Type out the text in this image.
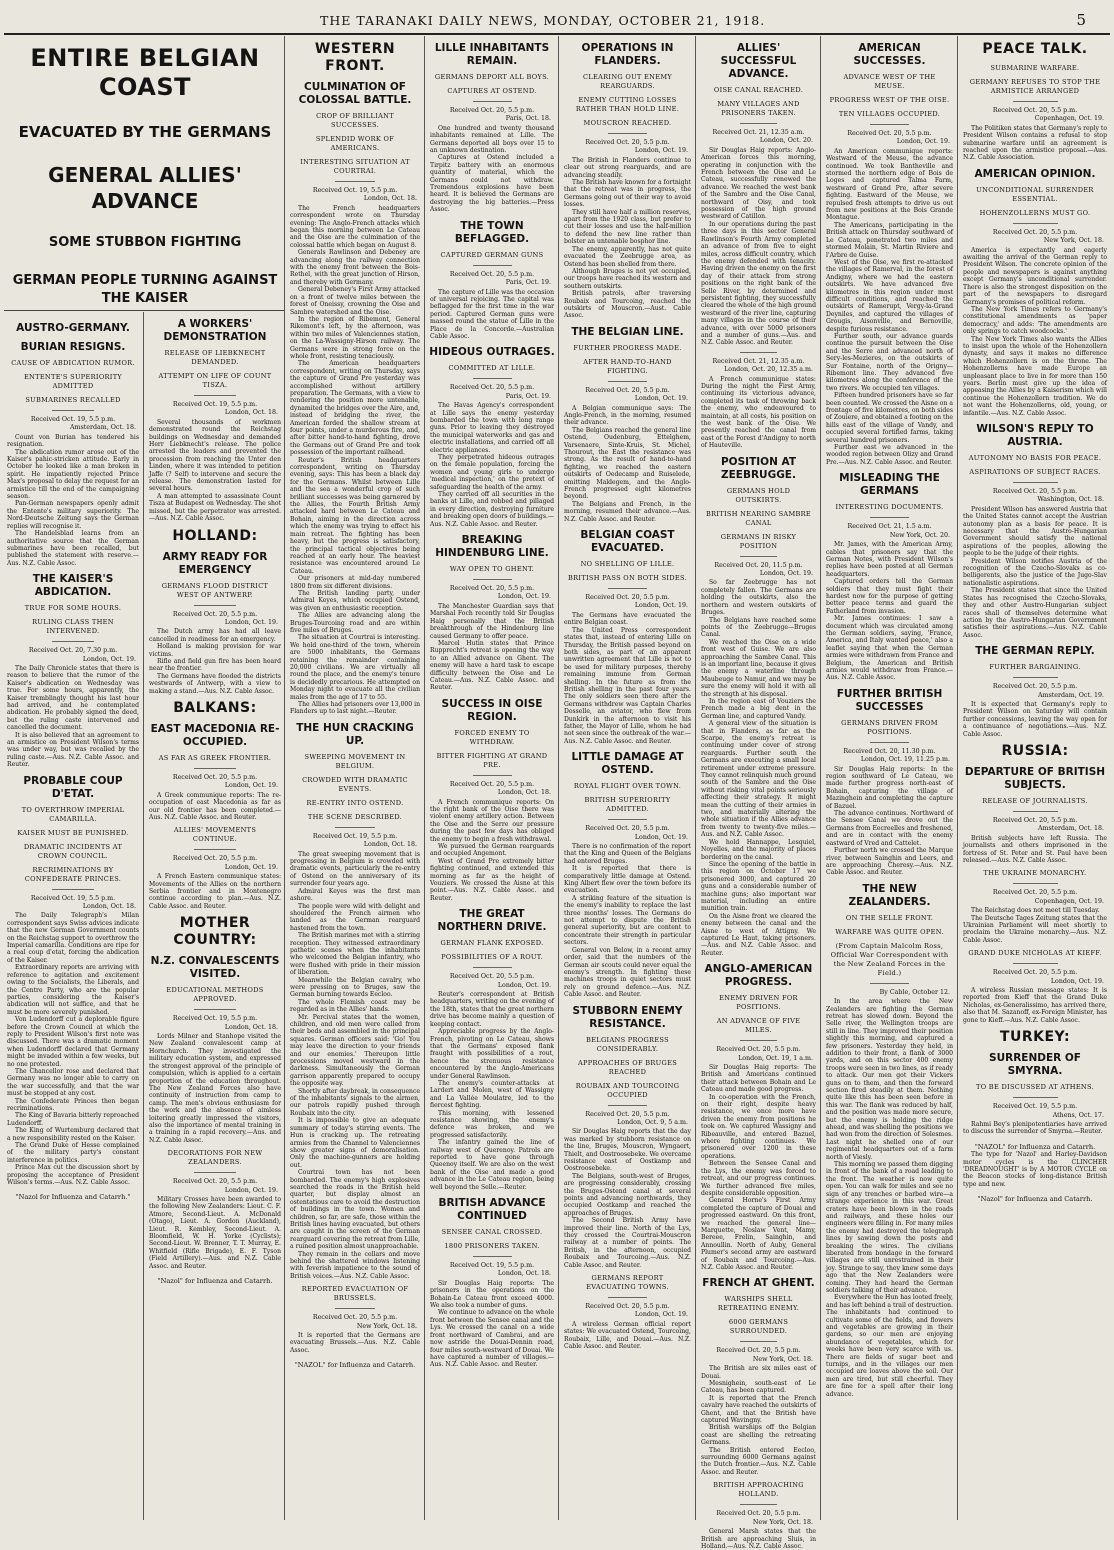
THE TARANAKI DAILY NEWS, MONDAY, OCTOBER 21, 1918.	5
ENTIRE BELGIAN COAST
EVACUATED BY THE GERMANS
GENERAL ALLIES' ADVANCE
SOME STUBBON FIGHTING
GERMAN PEOPLE TURNING AGAINST THE KAISER
AUSTRO-GERMANY.
BURIAN RESIGNS.
CAUSE OF ABDICATION RUMOR.
ENTENTE'S SUPERIORITY ADMITTED
SUBMARINES RECALLED
Received Oct. 19, 5.5 p.m.
Amsterdam, Oct. 18.

Count von Burian has tendered his resignation.

The abdication rumor arose out of the Kaiser's pahic-stricken attitude. Early in October he looked like a man broken in spirit. He impatiently rejected Prince Max's proposal to delay the request for an armistice till the end of the campaigning season.

Pan-German newspapers openly admit the Entente's military superiority. The Nord-Deutsche Zeitung says the German replies will recognise it.

The Handelsblad learns from an authoritative source that the German submarines have been recalled, but published the statement with reserve.—Aus. N.Z. Cable Assoc.

THE KAISER'S ABDICATION.
TRUE FOR SOME HOURS.
RULING CLASS THEN INTERVENED.
Received Oct. 20, 7.30 p.m.
London, Oct. 19.

The Daily Chronicle states that there is reason to believe that the rumor of the Kaiser's abdication on Wednesday was true. For some hours, apparently, the Kaiser tremblingly thought his last hour had arrived, and he contemplated abdication. He probably signed the deed, but the ruling caste intervened and cancelled the document.

It is also believed that an agreement to an armistice on President Wilson's terms was under way, but was recalled by the ruling caste.—Aus. N.Z. Cable Assoc. and Reuter.

PROBABLE COUP D'ETAT.
TO OVERTHROW IMPERIAL CAMARILLA.
KAISER MUST BE PUNISHED.
DRAMATIC INCIDENTS AT CROWN COUNCIL.
RECRIMINATIONS BY CONFEDERATE PRINCES.
Received Oct. 19, 5.5 p.m.
London, Oct. 18.

The Daily Telegraph's Milan correspondent says Swiss advices indicate that the new German Government counts on the Reichstag support to overthrow the Imperial camarilla. Conditions are ripe for a real coup d'etat, forcing the abdication of the Kaiser.

Extraordinary reports are arriving with reference to agitation and excitement owing to the Socialists, the Liberals, and the Centre Party, who are the popular parties, considering the Kaiser's abdication will not suffice, and that he must be more severely punished.

Von Ludendorff cut a deplorable figure before the Crown Council at which the reply to President Wilson's first note was discussed. There was a dramatic moment when Ludendorff declared that Germany might be invaded within a few weeks, but no one protested.

The Chancellor rose and declared that Germany was no longer able to carry on the war successfully, and that the war must be stopped at any cost.

The Confederate Princes then began recriminations.

The King of Bavaria bitterly reproached Ludendorff.

The King of Wurtemburg declared that a new responsibility rested on the Kaiser.

The Grand Duke of Hesse complained of the military party's constant interference in politics.

Prince Max cut the discussion short by proposing the acceptance of President Wilson's terms.—Aus. N.Z. Cable Assoc.

"Nazol for Influenza and Catarrh."
A WORKERS' DEMONSTRATION
RELEASE OF LIEBKNECHT DEMANDED.
ATTEMPT ON LIFE OF COUNT TISZA.
Received Oct. 19, 5.5 p.m.
London, Oct. 18.

Several thousands of workmen demonstrated round the Reichstag buildings on Wednesday and demanded Herr Liebknecht's release. The police arrested the leaders and prevented the procession from reaching the Unter den Linden, where it was intended to petition Jaffe (? Self) to intervene and secure the release. The demonstration lasted for several hours.

A man attempted to assassinate Count Tisza at Budapest on Wednesday. The shot missed, but the perpetrator was arrested.—Aus. N.Z. Cable Assoc.

HOLLAND:
ARMY READY FOR EMERGENCY
GERMANS FLOOD DISTRICT WEST OF ANTWERP.
Received Oct. 20, 5.5 p.m.
London, Oct. 19.

The Dutch army has had all leave cancelled in readiness for an emergency.

Holland is making provision for war victims.

Rifle and field gun fire has been heard near the frontier.

The Germans have flooded the districts westwards of Antwerp, with a view to making a stand.—Aus. N.Z. Cable Assoc.

BALKANS:
EAST MACEDONIA RE-OCCUPIED.
AS FAR AS GREEK FRONTIER.
Received Oct. 20, 5.5 p.m.
London, Oct. 19.

A Greek communique reports: The re-occupation of east Macedonia as far as our old frontier has been completed.—Aus. N.Z. Cable Assoc. and Reuter.

ALLIES' MOVEMENTS CONTINUE.
Received Oct. 20, 5.5 p.m.
London, Oct. 19.

A French Eastern communique states: Movements of the Allies on the northern Serbia frontier and in Montenegro continue according to plan.—Aus. N.Z. Cable Assoc. and Reuter.

MOTHER COUNTRY:
N.Z. CONVALESCENTS VISITED.
EDUCATIONAL METHODS APPROVED.
Received Oct. 19, 5.5 p.m.
London, Oct. 18.

Lords Milner and Stanhope visited the New Zealand convalescent camp at Hornchurch. They investigated the military education system, and expressed the strongest approval of the principle of compulsion, which is applied to a certain proportion of the education throughout. The New Zealand Forces also have continuity of instruction from camp to camp. The men's obvious enthusiasm for the work and the absence of aimless loitering greatly impressed the visitors, also the importance of mental training in a training in a rapid recovery.—Aus. and N.Z. Cable Assoc.

DECORATIONS FOR NEW ZEALANDERS.
Received Oct. 20, 5.5 p.m.
London, Oct. 19.

Military Crosses have been awarded to the following New Zealanders: Lieut. C. F. Atmore, Second-Lieut. A. McDonald (Otago), Lieut. A. Gordon (Auckland), Lieut. R. Kembley, Second-Lieut. A. Bloomfield, W. H. Yorke (Cyclists); Second-Lieut. W. Brenner, T. T. Murray, E. Whitfield (Rifle Brigade), E. F. Tyson (Field Artillery).—Aus. and N.Z. Cable Assoc. and Reuter.

"Nazol" for Influenza and Catarrh.
WESTERN FRONT.
CULMINATION OF COLOSSAL BATTLE.
CROP OF BRILLIANT SUCCESSES.
SPLENDID WORK OF AMERICANS.
INTERESTING SITUATION AT COURTRAI.
Received Oct. 19, 5.5 p.m.
London, Oct. 18.

The French headquarters correspondent wrote on Thursday evening: The Anglo-French attacks which began this morning between Le Cateau and the Oise are the culmination of the colossal battle which began on August 8.

Generals Rawlinson and Debeney are advancing along the railway connection with the enemy front between the Bois-Rethel, with the great junction of Hirson, and thereby with Germany.

General Debeney's First Army attacked on a front of twelve miles between the forest of Oneissy, crowning the Oise and Sambre watershed and the Oise.

In the region of Ribemont, General Rikemont's left, by the afternoon, was within two miles of Valenciennes station, on the La-Wassigny-Hirson railway. The Germans were in strong force on the whole front, resisting tenaciously.

The American headquarters correspondent, writing on Thursday, says the capture of Grand Pre yesterday was accomplished without artillery preparation. The Germans, with a view to rendering the position more untenable, dynamited the bridges over the Aire, and, instead of bridging the river, the American forded the shallow stream at four points, under a murderous fire, and, after bitter hand-to-hand fighting, drove the Germans out of Grand Pre and took possession of the important railhead.

Reuter's British headquarters correspondent, writing on Thursday evening, says: This has been a black day for the Germans. Whilst between Lille and the sea a wonderful crop of such brilliant successes was being garnered by the Allies, the Fourth British Army attacked hard between Le Cateau and Bohain, aiming in the direction across which the enemy was trying to effect his main retreat. The fighting has been heavy, but the progress is satisfactory, the principal tactical objectives being reached at an early hour. The heaviest resistance was encountered around Le Cateau.

Our prisoners at mid-day numbered 1800 from six different divisions.

The British landing party, under Admiral Keyes, which occupied Ostend, was given an enthusiastic reception.

The Allies are advancing along the Bruges-Tourcoing road and are within five miles of Bruges.

The situation at Courtrai is interesting. We hold one-third of the town, wherein are 5000 inhabitants, the Germans retaining the remainder containing 20,000 civilians. We are virtually all round the place, and the enemy's tenure is decidedly precarious. He attempted on Monday night to evacuate all the civilian males from the age of 17 to 55.

The Allies had prisoners over 13,000 in Flanders up to last night.—Reuter.

THE HUN CRACKING UP.
SWEEPING MOVEMENT IN BELGIUM.
CROWDED WITH DRAMATIC EVENTS.
RE-ENTRY INTO OSTEND.
THE SCENE DESCRIBED.
Received Oct. 19, 5.5 p.m.
London, Oct. 18.

The great sweeping movement that is progressing in Belgium is crowded with dramatic events, particularly the re-entry of Ostend on the anniversary of its surrender four years ago.

Admiral Keyes was the first man ashore.

The people were wild with delight and shouldered the French airmen who landed as the German rearguard hastened from the town.

The British marines met with a stirring reception. They witnessed extraordinary pathetic scenes when the inhabitants who welcomed the Belgian infantry, who were flushed with pride in their mission of liberation.

Meanwhile the Belgian cavalry, who were pressing on to Bruges, saw the German burning towards Eecloo.

The whole Flemish coast may be regarded as in the Allies' hands.

Mr. Percival states that the women, children, and old men were called from their beds and assembled in the principal squares. German officers said: 'Go! You may leave the direction to your friends and our enemies.' Thereupon little processions moved westward in the darkness. Simultaneously the German garrison apparently prepared to occupy the opposite way.

Shortly after daybreak, in consequence of the inhabitants' signals to the airmen, our patrols rapidly pushed through Roubaix into the city.

It is impossible to give an adequate summary of today's stirring events. The Hun is cracking up. The retreating armies from the Channel to Valenciennes show greater signs of demoralisation. Only the machine-gunners are holding out.

Courtrai town has not been bombarded. The enemy's high explosives searched the roads in the British held quarter, but display almost an ostentatious care to avoid the destruction of buildings in the town. Women and children, so far, are safe, those within the British lines having evacuated, but others are caught in the screen of the German rearguard covering the retreat from Lille, a ruined position almost unapproachable.

They remain in the cellars and move behind the shattered windows listening with feverish impatience to the sound of British voices.—Aus. N.Z. Cable Assoc.

REPORTED EVACUATION OF BRUSSELS.
Received Oct. 20, 5.5 p.m.
New York, Oct. 18.

It is reported that the Germans are evacuating Brussels.—Aus. N.Z. Cable Assoc.

"NAZOL" for Influenza and Catarrh.
LILLE INHABITANTS REMAIN.
GERMANS DEPORT ALL BOYS.
CAPTURES AT OSTEND.
Received Oct. 20, 5.5 p.m.
Paris, Oct. 18.

One hundred and twenty thousand inhabitants remained at Lille. The Germans deported all boys over 15 to an unknown destination.

Captures at Ostend included a Tirpitz battery with an enormous quantity of material, which the Germans could not withdraw. Tremendous explosions have been heard. It is believed the Germans are destroying the big batteries.—Press Assoc.

THE TOWN BEFLAGGED.
CAPTURED GERMAN GUNS
Received Oct. 20, 5.5 p.m.
Paris, Oct. 19.

The capture of Lille was the occasion of universal rejoicing. The capital was beflagged for the first time in the war period. Captured German guns were massed round the statue of Lille in the Place de la Concorde.—Australian Cable Assoc.

HIDEOUS OUTRAGES.
COMMITTED AT LILLE.
Received Oct. 20, 5.5 p.m.
Paris, Oct. 19.

The Havas Agency's correspondent at Lille says the enemy yesterday bombarded the town with long range guns. Prior to leaving they destroyed the municipal waterworks and gas and electric installations, and carried off all electric appliances.

They perpetrated hideous outrages on the female population, forcing the women and young girls to undergo 'medical inspection,' on the pretext of safeguarding the health of the army.

They carried off all securities in the banks at Lille, and robbed and pillaged in every direction, destroying furniture and breaking open doors of buildings.—Aus. N.Z. Cable Assoc. and Reuter.

BREAKING HINDENBURG LINE.
WAY OPEN TO GHENT.
Received Oct. 20, 5.5 p.m.
London, Oct. 19.

The Manchester Guardian says that Marshal Foch recently told Sir Douglas Haig personally that the British breakthrough of the Hindenburg line caused Germany to offer peace.

Marcel Hutin states that Prince Rupprecht's retreat is opening the way to an Allied advance on Ghent. The enemy will have a hard task to escape difficulty between the Oise and Le Cateau.—Aus. N.Z. Cable Assoc. and Reuter.

SUCCESS IN OISE REGION.
FORCED ENEMY TO WITHDRAW.
BITTER FIGHTING AT GRAND PRE.
Received Oct. 20, 5.5 p.m.
London, Oct. 18.

A French communique reports: On the right bank of the Oise there was violent enemy artillery action. Between the Oise and the Serre our pressure during the past few days has obliged the enemy to begin a fresh withdrawal.

We pursued the German rearguards and occupied Angemont.

West of Grand Pre extremely bitter fighting continued, and extended this morning as far as the height of Vouziers. We crossed the Aisne at this point.—Aus. N.Z. Cable Assoc. and Reuter.

THE GREAT NORTHERN DRIVE.
GERMAN FLANK EXPOSED.
POSSIBILITIES OF A ROUT.
Received Oct. 20, 5.5 p.m.
London, Oct. 19.

Reuter's correspondent at British headquarters, writing on the evening of the 18th, states that the great northern drive has become mainly a question of keeping contact.

Appreciable progress by the Anglo-French, pivoting on Le Cateau, shows that the Germans' exposed flank fraught with possibilities of a rout, hence the strenuous resistance encountered by the Anglo-Americans under General Rawlinson.

The enemy's counter-attacks at Lardert and Molen, west of Wassigny and La Vallée Moulatre, led to the fiercest fighting.

This morning, with lessened resistance showing, the enemy's defence was broken, and we progressed satisfactorily.

The infantry gained the line of railway west of Querenoy. Patrols are reported to have gone through Queenoy itself. We are also on the west bank of the Oise and made a good advance in the Le Cateau region, being well beyond the Selle.—Reuter.

BRITISH ADVANCE CONTINUED
SENSEE CANAL CROSSED.
1800 PRISONERS TAKEN.
Received Oct. 19, 5.5 p.m.
London, Oct. 18.

Sir Douglas Haig reports: The prisoners in the operations on the Bohain-Le Cateau front exceed 4000. We also took a number of guns.

We continue to advance on the whole front between the Sensee canal and the Lys. We crossed the canal on a wide front northward of Cambrai, and are now astride the Douai-Dennin road, four miles south-westward of Douai. We have captured a number of villages.—Aus. N.Z. Cable Assoc. and Reuter.

OPERATIONS IN FLANDERS.
CLEARING OUT ENEMY REARGUARDS.
ENEMY CUTTING LOSSES RATHER THAN HOLD LINE.
MOUSCRON REACHED.
Received Oct. 20, 5.5 p.m.
London, Oct. 19.

The British in Flanders continue to clear out strong rearguards, and are advancing steadily.

The British have known for a fortnight that the retreat was in progress, the Germans going out of their way to avoid losses.

They still have half a million reserves, apart from the 1920 class, but prefer to cut their losses and use the half-million to defend the new line rather than bolster an untenable bosphor line.

The enemy, apparently, has not quite evacuated the Zeebrugge area, as Ostend has been shelled from there.

Although Bruges is not yet occupied, our troops have reached its western and southern outskirts.

British patrols, after traversing Roubaix and Tourcoing, reached the outskirts of Mouscron.—Aust. Cable Assoc.

THE BELGIAN LINE.
FURTHER PROGRESS MADE.
AFTER HAND-TO-HAND FIGHTING.
Received Oct. 20, 5.5 p.m.
London, Oct. 19.

A Belgian communique says: The Anglo-French, in the morning, resumed their advance.

The Belgians reached the general line Ostend, Oudenburg, Ettelghem, Varsenaere, Sinte-Kruis, St. Michel, Thourout, the East the resistance was strong. As the result of hand-to-hand fighting, we reached the eastern outskirts of Oedecamp and Ruiselede, omitting Maldegem, and the Anglo-French progressed eight kilometres beyond.

The Belgians and French, in the morning, resumed their advance.—Aus. N.Z. Cable Assoc. and Reuter.

BELGIAN COAST EVACUATED.
NO SHELLING OF LILLE.
BRITISH PASS ON BOTH SIDES.
Received Oct. 20, 5.5 p.m.
London, Oct. 19.

The Germans have evacuated the entire Belgian coast.

The United Press correspondent states that, instead of entering Lille on Thursday, the British passed beyond on both sides, as part of an apparent unwritten agreement that Lille is not to be used for military purposes, thereby remaining immune from German shelling. In the future as from the British shelling in the past four years. The only soldiers seen there after the Germans withdrew was Captain Charles Dosselle, an aviator, who flew from Dunkirk in the afternoon to visit his father, the Mayor of Lille, whom he had not seen since the outbreak of the war.—Aus. N.Z. Cable Assoc. and Reuter.

LITTLE DAMAGE AT OSTEND.
ROYAL FLIGHT OVER TOWN.
BRITISH SUPERIORITY ADMITTED.
Received Oct. 20, 5.5 p.m.
London, Oct. 19.

There is no confirmation of the report that the King and Queen of the Belgians had entered Bruges.

It is reported that there is comparatively little damage at Ostend. King Albert flew over the town before its evacuation.

A striking feature of the situation is the enemy's inability to replace the last three months' losses. The Germans do not attempt to dispute the British general superiority, but are content to concentrate their strength in particular sectors.

General von Below, in a recent army order, said that the numbers of the German air scouts could never equal the enemy's strength. In fighting these machines troops in quiet sectors must rely on ground defence.—Aus. N.Z. Cable Assoc. and Reuter.

STUBBORN ENEMY RESISTANCE.
BELGIANS PROGRESS CONSIDERABLY.
APPROACHES OF BRUGES REACHED
ROUBAIX AND TOURCOING OCCUPIED
Received Oct. 20, 5.5 p.m.
London, Oct. 9, 5 a.m.

Sir Douglas Haig reports that the day was marked by stubborn resistance on the line, Bruges, Mouscron, Wyngaert, Thielt, and Oostroosebeke. We overcame resistance east of Oostkamp and Oostroosebeke.

The Belgians, south-west of Bruges, are progressing considerably, crossing the Bruges-Ostend canal at several points and advancing northwards, they occupied Oostkamp and reached the approaches of Bruges.

The Second British Army have improved their line. North of the Lys, they crossed the Courtrai-Mouscron railway at a number of points. The British, in the afternoon, occupied Roubaix and Tourcoing.—Aus. N.Z. Cable Assoc. and Reuter.

GERMANS REPORT EVACUATING TOWNS.
Received Oct. 20, 5.5 p.m.
London, Oct. 19.

A wireless German official report states: We evacuated Ostend, Tourcoing, Roubaix, Lille, and Douai.—Aus. N.Z. Cable Assoc. and Reuter.

ALLIES' SUCCESSFUL ADVANCE.
OISE CANAL REACHED.
MANY VILLAGES AND PRISONERS TAKEN.
Received Oct. 21, 12.35 a.m.
London, Oct. 20.

Sir Douglas Haig reports: Anglo-American forces this morning, operating in conjunction with the French between the Oise and Le Cateau, successfully renewed the advance. We reached the west bank of the Sambre and the Oise Canal, northward of Oisy, and took possession of the high ground westward of Catillon.

In our operations during the past three days in this sector General Rawlinson's Fourth Army completed an advance of from five to eight miles, across difficult country, which the enemy defended with tenacity. Having driven the enemy on the first day of their attack from strong positions on the right bank of the Selle River, by determined and persistent fighting, they successfully cleared the whole of the high ground westward of the river line, capturing many villages in the course of their advance, with over 5000 prisoners and a number of guns.—Aus. and N.Z. Cable Assoc. and Reuter.

Received Oct. 21, 12.35 a.m.
London, Oct. 20, 12.35 a.m.

A French communique states: During the night the First Army, continuing its victorious advance, completed its task of throwing back the enemy, who endeavoured to maintain, at all costs, his position on the west bank of the Oise. We presently reached the canal from east of the Forest d'Andigny to north of Hauteville.

POSITION AT ZEEBRUGGE.
GERMANS HOLD OUTSKIRTS.
BRITISH NEARING SAMBRE CANAL
GERMANS IN RISKY POSITION
Received Oct. 20, 11.5 p.m.
London, Oct. 19.

So far Zeebrugge has not completely fallen. The Germans are holding the outskirts, also the northern and western outskirts of Bruges.

The Belgians have reached some points of the Zeebrugge—Bruges Canal.

We reached the Oise on a wide front west of Guise. We are also approaching the Sambre Canal. This is an important line, because it gives the enemy a waterline through Maubeuge to Namur, and we may be sure the enemy will hold it with all the strength at his disposal.

In the region east of Vouziers the French made a big dent in the German line, and captured Vandy.

A general view of the situation is that in Flanders, as far as the Scarpe, the enemy's retreat is continuing under cover of strong rearguards. Further south the Germans are executing a small local retirement under extreme pressure. They cannot relinquish much ground south of the Sambre and the Oise without risking vital points seriously affecting their strategy. It might mean the cutting of their armies in two, and materially altering the whole situation if the Allies advance from twenty to twenty-five miles.—Aus. and N.Z. Cable Assoc.

We hold Hannappe, Lesquiel, Noyelles, and the majority of places bordering on the canal.

Since the opening of the battle in this region on October 17 we prisonered 3000, and captured 20 guns and a considerable number of machine guns; also important war material, including an entire munition train.

On the Aisne front we cleared the enemy between the canal and the Aisne to west of Attigny. We captured Le Haut, taking prisoners.—Aus. and N.Z. Cable Assoc. and Reuter.

ANGLO-AMERICAN PROGRESS.
ENEMY DRIVEN FOR POSITIONS.
AN ADVANCE OF FIVE MILES.
Received Oct. 20, 5.5 p.m.
London, Oct. 19, 1 a.m.

Sir Douglas Haig reports: The British and Americans continued their attack between Bohain and Le Cateau and made good progress.

In co-operation with the French, on their right, despite heavy resistance, we once more have driven the enemy from positions he took on. We captured Wassigny and Ribeauville, and entered Bazuel, where fighting continues. We prisonered over 1200 in these operations.

Between the Sensee Canal and the Lys, the enemy was forced to retreat, and our progress continues. We further advanced five miles, despite considerable opposition.

General Horne's First Army completed the capture of Douai and progressed eastward. On this front, we reached the general line—Marquette, Noslaw Vent, Mamy, Bereee, Frelin, Sainghin, and Annoullin. North of Auby, General Plumer's second army are eastward of Roubaix and Tourcoing.—Aus. N.Z. Cable Assoc. and Reuter.

FRENCH AT GHENT.
WARSHIPS SHELL RETREATING ENEMY.
6000 GERMANS SURROUNDED.
Received Oct. 20, 5.5 p.m.
New York, Oct. 18.

The British are six miles east of Douai.

Mesnighein, south-east of Le Cateau, has been captured.

It is reported that the French cavalry have reached the outskirts of Ghent, and that the British have captured Wavingny.

British warships off the Belgian coast are shelling the retreating Germans.

The British entered Eecloo, surrounding 6000 Germans against the Dutch frontier.—Aus. N.Z. Cable Assoc. and Reuter.

BRITISH APPROACHING HOLLAND.
Received Oct. 20, 5.5 p.m.
New York, Oct. 18.

General Marsh states that the British are approaching Sluis, in Holland.—Aus. N.Z. Cable Assoc.

AMERICAN SUCCESSES.
ADVANCE WEST OF THE MEUSE.
PROGRESS WEST OF THE OISE.
TEN VILLAGES OCCUPIED.
Received Oct. 20, 5.5 p.m.
London, Oct. 19.

An American communique reports: Westward of the Meuse, the advance continued. We took Bantheville and stormed the northern edge of Bois de Loges and captured Talma Farm, westward of Grand Pre, after severe fighting. Eastward of the Meuse, we repulsed fresh attempts to drive us out from new positions at the Bois Grande Montague.

The Americans, participating in the British attack on Thursday southward of Le Cateau, penetrated two miles and stormed Molain, St. Martin Riviere and l'Arbre de Guise.

West of the Oise, we first re-attacked the villages of Ramerval, in the forest of Andigny, where we had the eastern outskirts. We have advanced five kilometres in this region under most difficult conditions, and reached the outskirts of Ramerupt, Vergy-la-Grand Deyniles, and captured the villages of Grougis, Aisonville, and Bernoville, despite furious resistance.

Further south, our advance guards continue the pursuit between the Oise and the Serre and advanced north of Sery-les-Mezieres, on the outskirts of Sur Fontaine, north of the Origny—Ribemont line. They advanced five kilometres along the conference of the two rivers. We occupied ten villages.

Fifteen hundred prisoners have so far been counted. We crossed the Aisne on a frontage of five kilometres, on both sides of Zouiere, and obtained a footing on the hills east of the village of Vandy, and occupied several fortified farms, taking several hundred prisoners.

Further east we advanced in the wooded region between Olizy and Grand Pre.—Aus. N.Z. Cable Assoc. and Reuter.

MISLEADING THE GERMANS
INTERESTING DOCUMENTS.
Received Oct. 21, 1.5 a.m.
New York, Oct. 20.

Mr. James, with the American Army, cables that prisoners say that the German Notes, with President Wilson's replies have been posted at all German headquarters.

Captured orders tell the German soldiers that they must fight their hardest now for the purpose of getting better peace terms and guard the Fatherland from invasion.

Mr. James continues: I saw a document which was circulated among the German soldiers, saying, 'France, America, and Italy wanted peace,' also a leaflet saying that when the German armies were withdrawn from France and Belgium, the American and British armies would withdraw from France.—Aus. N.Z. Cable Assoc.

FURTHER BRITISH SUCCESSES
GERMANS DRIVEN FROM POSITIONS.
Received Oct. 20, 11.30 p.m.
London, Oct. 19, 11.25 p.m.

Sir Douglas Haig reports: In the region southward of Le Cateau, we made further progress north-east of Bohain, capturing the village of Mazinghein and completing the capture of Bazuel.

The advance continues. Northward of the Sensee Canal we drove out the Germans from Eecreelles and freshened, and are in contact with the enemy eastward of Vred and Cattelet.

Further north we crossed the Marque river, between Sainghin and Leers, and are approaching Cheresy.—Aus. N.Z. Cable Assoc. and Reuter.

THE NEW ZEALANDERS.
ON THE SELLE FRONT.
WARFARE WAS QUITE OPEN.
(From Captain Malcolm Ross, Official War Correspondent with the New Zealand Forces in the Field.)
By Cable, October 12.

In the area where the New Zealanders are fighting the German retreat has slowed down. Beyond the Selle river, the Wellington troops are still in line. They improved their position slightly this morning, and captured a few prisoners. Yesterday they held, in addition to their front, a flank of 3000 yards, and on this sector 400 enemy troops were seen in two lines, as if ready to attack. Our men got their Vickers guns on to them, and then the forward section fired steadily at them. Nothing quite like this has been seen before in this war. The flank was reduced by half, and the position was made more secure, but the enemy is holding the ridge ahead, and was shelling the positions we had won from the direction of Solesmes. Last night he shelled one of our regimental headquarters out of a farm north of Viesly.

This morning we passed them digging in front of the bank of a road leading to the front. The weather is now quite open. You can walk for miles and see no sign of any trenches or barbed wire—a strange experience in this war. Great craters have been blown in the roads and railways, and these holes our engineers were filling in. For many miles the enemy had destroyed the telegraph lines by sawing down the posts and breaking the wires. The civilians liberated from bondage in the forward villages are still unrestrained in their joy. Strange to say, they knew some days ago that the New Zealanders were coming. They had heard the German soldiers talking of their advance.

Everywhere the Hun has looted freely, and has left behind a trail of destruction. The inhabitants had continued to cultivate some of the fields, and flowers and vegetables are growing in their gardens, so our men are enjoying abundance of vegetables, which for weeks have been very scarce with us. There are fields of sugar beet and turnips, and in the villages our men occupied are loaves above the soil. Our men are tired, but still cheerful. They are fine for a spell after their long advance.

PEACE TALK.
SUBMARINE WARFARE.
GERMANY REFUSES TO STOP THE ARMISTICE ARRANGED
Received Oct. 20, 5.5 p.m.
Copenhagen, Oct. 19.

The Politiken states that Germany's reply to President Wilson contains a refusal to stop submarine warfare until an agreement is reached upon the armistice proposal.—Aus. N.Z. Cable Association.

AMERICAN OPINION.
UNCONDITIONAL SURRENDER ESSENTIAL.
HOHENZOLLERNS MUST GO.
Received Oct. 20, 5.5 p.m.
New York, Oct. 18.

America is expectantly and eagerly awaiting the arrival of the German reply to President Wilson. The concrete opinion of the people and newspapers is against anything except Germany's unconditional surrender. There is also the strongest disposition on the part of the newspapers to disregard Germany's promises of political reform.

The New York Times refers to Germany's constitutional amendments as 'paper democracy,' and adds: 'The amendments are only springs to catch woodcocks.'

The New York Times also wants the Allies to insist upon the whole of the Hohenzollern dynasty, and says it makes no difference which Hohenzollern is on the throne. The Hohenzollerns have made Europe an unpleasant place to live in for more than 150 years. Berlin must give up the idea of appeasing the Allies by a Kaiserism which will continue the Hohenzollern tradition. We do not want the Hohenzollerns, old, young, or infantile.—Aus. N.Z. Cable Assoc.

WILSON'S REPLY TO AUSTRIA.
AUTONOMY NO BASIS FOR PEACE.
ASPIRATIONS OF SUBJECT RACES.
Received Oct. 20, 5.5 p.m.
Washington, Oct. 18.

President Wilson has answered Austria that the United States cannot accept the Austrian autonomy plan as a basis for peace. It is necessary that the Austro-Hungarian Government should satisfy the national aspirations of the peoples, allowing the people to be the judge of their rights.

President Wilson notifies Austria of the recognition of the Czecho-Slovaks as co-belligerents, also the justice of the Jugo-Slav nationalistic aspirations.

The President states that since the United States has recognised the Czecho-Slovaks, they and other Austro-Hungarian subject races shall of themselves determine what action by the Austro-Hungarian Government satisfies their aspirations.—Aus. N.Z. Cable Assoc.

THE GERMAN REPLY.
FURTHER BARGAINING.
Received Oct. 20, 5.5 p.m.
Amsterdam, Oct. 19.

It is expected that Germany's reply to President Wilson on Saturday will contain further concessions, leaving the way open for a continuance of negotiations.—Aus. N.Z. Cable Assoc.

RUSSIA:
DEPARTURE OF BRITISH SUBJECTS.
RELEASE OF JOURNALISTS.
Received Oct. 20, 5.5 p.m.
Amsterdam, Oct. 18.

British subjects have left Russia. The journalists and others imprisoned in the fortress of St. Peter and St. Paul have been released.—Aus. N.Z. Cable Assoc.

THE UKRAINE MONARCHY.
Received Oct. 20, 5.5 p.m.
Copenhagen, Oct. 19.

The Reichstag does not meet till Tuesday.

The Deutsche Tages Zeitung states that the Ukrainian Parliament will meet shortly to proclaim the Ukraine monarchy.—Aus. N.Z. Cable Assoc.

GRAND DUKE NICHOLAS AT KIEFF.
Received Oct. 20, 5.5 p.m.
London, Oct. 19.

A wireless Russian message states: It is reported from Kieff that the Grand Duke Nicholas, ex-Generalissimo, has arrived there, also that M. Sazanoff, ex-Foreign Minister, has gone to Kieff.—Aus. N.Z. Cable Assoc.

TURKEY:
SURRENDER OF SMYRNA.
TO BE DISCUSSED AT ATHENS.
Received Oct. 19, 5.5 p.m.
Athens, Oct. 17.

Rahmi Bey's plenipotentiaries have arrived to discuss the surrender of Smyrna.—Reuter.

"NAZOL" for Influenza and Catarrh.

The type for 'Nazol' and Harley-Davidson motor cycles is the CLINCHER 'DREADNOUGHT' is by A MOTOR CYCLE on the Beacon stocks of long-distance British type and new.

"Nazol" for Influenza and Catarrh.
